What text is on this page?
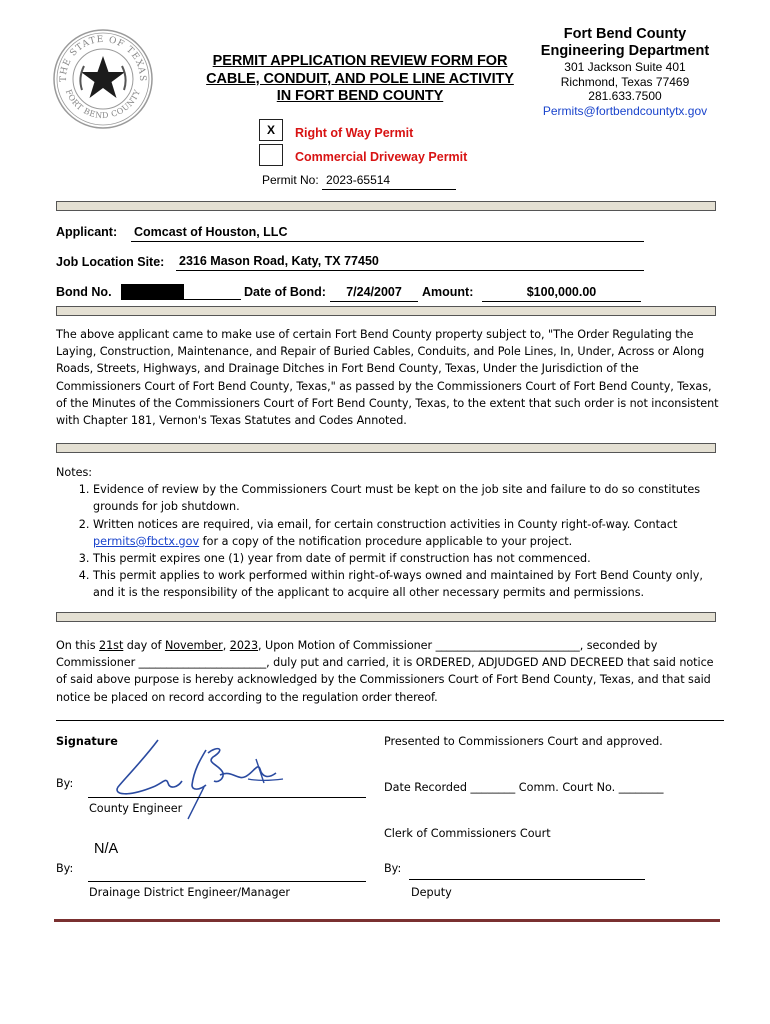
THE STATE OF TEXAS
FORT BEND COUNTY
PERMIT APPLICATION REVIEW FORM FOR
CABLE, CONDUIT, AND POLE LINE ACTIVITY
IN FORT BEND COUNTY
Fort Bend County
Engineering Department
301 Jackson Suite 401
Richmond, Texas 77469
281.633.7500
Permits@fortbendcountytx.gov
X	Right of Way Permit
Commercial Driveway Permit
Permit No: 2023-65514
Applicant: Comcast of Houston, LLC
Job Location Site: 2316 Mason Road, Katy, TX 77450
Bond No.	Date of Bond:	7/24/2007	Amount:	$100,000.00
The above applicant came to make use of certain Fort Bend County property subject to, "The Order Regulating the Laying, Construction, Maintenance, and Repair of Buried Cables, Conduits, and Pole Lines, In, Under, Across or Along Roads, Streets, Highways, and Drainage Ditches in Fort Bend County, Texas, Under the Jurisdiction of the Commissioners Court of Fort Bend County, Texas," as passed by the Commissioners Court of Fort Bend County, Texas, of the Minutes of the Commissioners Court of Fort Bend County, Texas, to the extent that such order is not inconsistent with Chapter 181, Vernon's Texas Statutes and Codes Annoted.
Notes:
1. Evidence of review by the Commissioners Court must be kept on the job site and failure to do so constitutes grounds for job shutdown.
2. Written notices are required, via email, for certain construction activities in County right-of-way. Contact permits@fbctx.gov for a copy of the notification procedure applicable to your project.
3. This permit expires one (1) year from date of permit if construction has not commenced.
4. This permit applies to work performed within right-of-ways owned and maintained by Fort Bend County only, and it is the responsibility of the applicant to acquire all other necessary permits and permissions.
On this 21st day of November, 2023, Upon Motion of Commissioner __________________________, seconded by Commissioner _______________________, duly put and carried, it is ORDERED, ADJUDGED AND DECREED that said notice of said above purpose is hereby acknowledged by the Commissioners Court of Fort Bend County, Texas, and that said notice be placed on record according to the regulation order thereof.
Signature
By:
County Engineer
N/A
By:
Drainage District Engineer/Manager
Presented to Commissioners Court and approved.
Date Recorded ________ Comm. Court No. ________
Clerk of Commissioners Court
By:
Deputy
